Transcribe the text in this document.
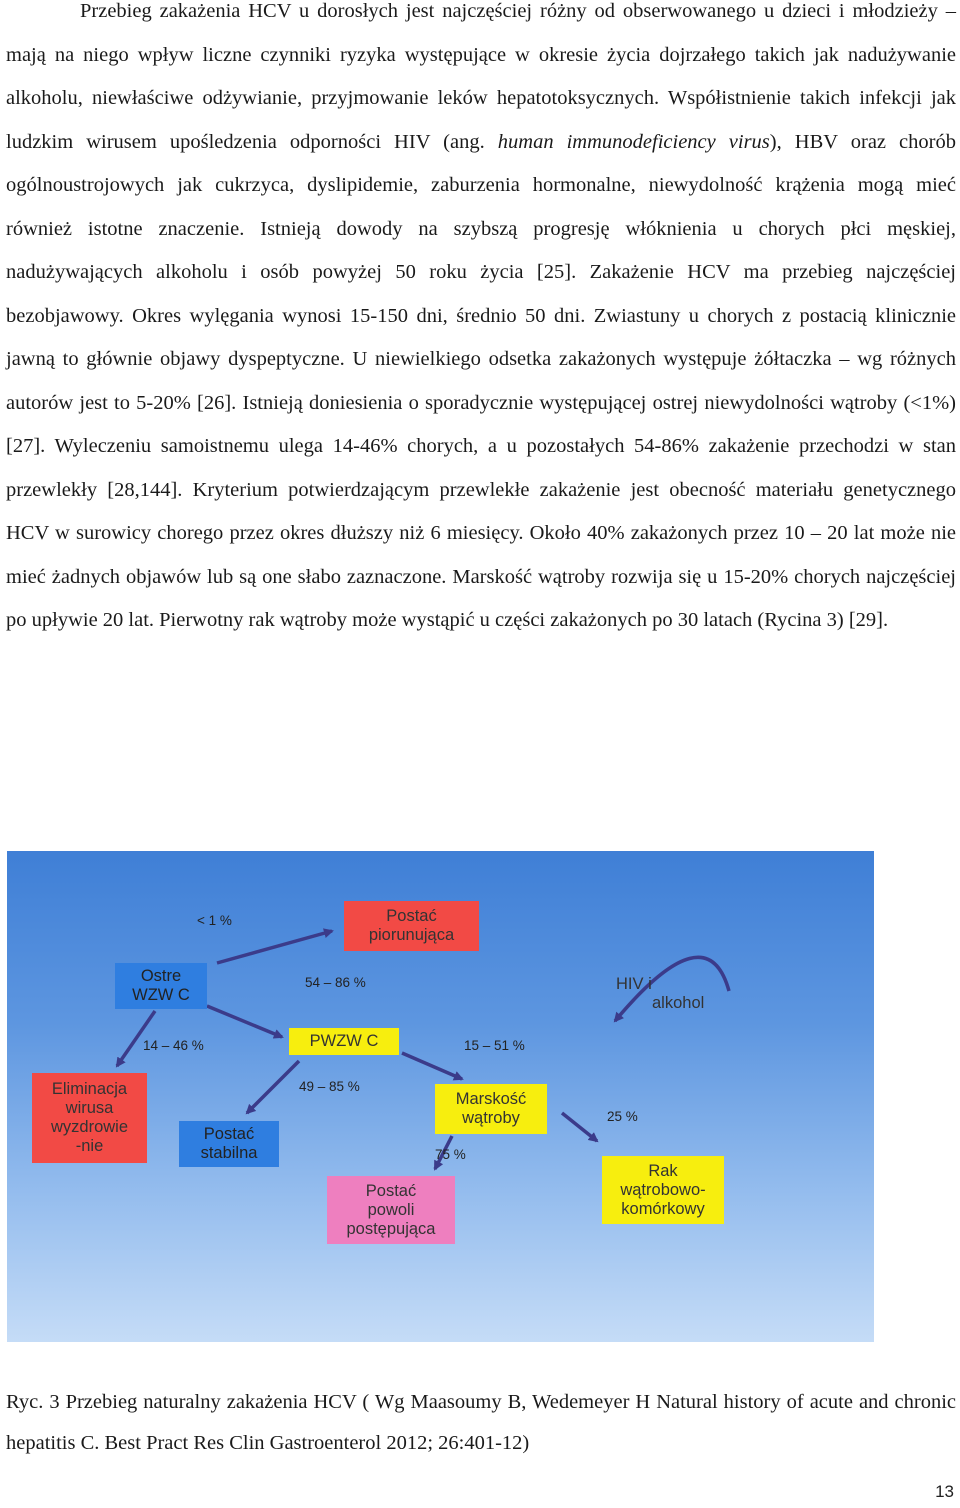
Przebieg zakażenia HCV u dorosłych jest najczęściej różny od obserwowanego u dzieci i młodzieży – mają na niego wpływ liczne czynniki ryzyka występujące w okresie życia dojrzałego takich jak nadużywanie alkoholu, niewłaściwe odżywianie, przyjmowanie leków hepatotoksycznych. Współistnienie takich infekcji jak ludzkim wirusem upośledzenia odporności HIV (ang. human immunodeficiency virus), HBV oraz chorób ogólnoustrojowych jak cukrzyca, dyslipidemie, zaburzenia hormonalne, niewydolność krążenia mogą mieć również istotne znaczenie. Istnieją dowody na szybszą progresję włóknienia u chorych płci męskiej, nadużywających alkoholu i osób powyżej 50 roku życia [25]. Zakażenie HCV ma przebieg najczęściej bezobjawowy. Okres wylęgania wynosi 15-150 dni, średnio 50 dni. Zwiastuny u chorych z postacią klinicznie jawną to głównie objawy dyspeptyczne. U niewielkiego odsetka zakażonych występuje żółtaczka – wg różnych autorów jest to 5-20% [26]. Istnieją doniesienia o sporadycznie występującej ostrej niewydolności wątroby (<1%) [27]. Wyleczeniu samoistnemu ulega 14-46% chorych, a u pozostałych 54-86% zakażenie przechodzi w stan przewlekły [28,144]. Kryterium potwierdzającym przewlekłe zakażenie jest obecność materiału genetycznego HCV w surowicy chorego przez okres dłuższy niż 6 miesięcy. Około 40% zakażonych przez 10 – 20 lat może nie mieć żadnych objawów lub są one słabo zaznaczone. Marskość wątroby rozwija się u 15-20% chorych najczęściej po upływie 20 lat. Pierwotny rak wątroby może wystąpić u części zakażonych po 30 latach (Rycina 3) [29].

Postać
piorunująca
Ostre
WZW C
HIV i
alkohol
PWZW C
Eliminacja
wirusa
wyzdrowie
-nie
Postać
stabilna
Marskość
wątroby
Postać
powoli
postępująca
Rak
wątrobowo-
komórkowy
< 1 %
54 – 86 %
14 – 46 %	15 – 51 %
49 – 85 %
25 %
75 %

Ryc. 3 Przebieg naturalny zakażenia HCV ( Wg Maasoumy B, Wedemeyer H Natural history of acute and chronic hepatitis C. Best Pract Res Clin Gastroenterol 2012; 26:401-12)

13
